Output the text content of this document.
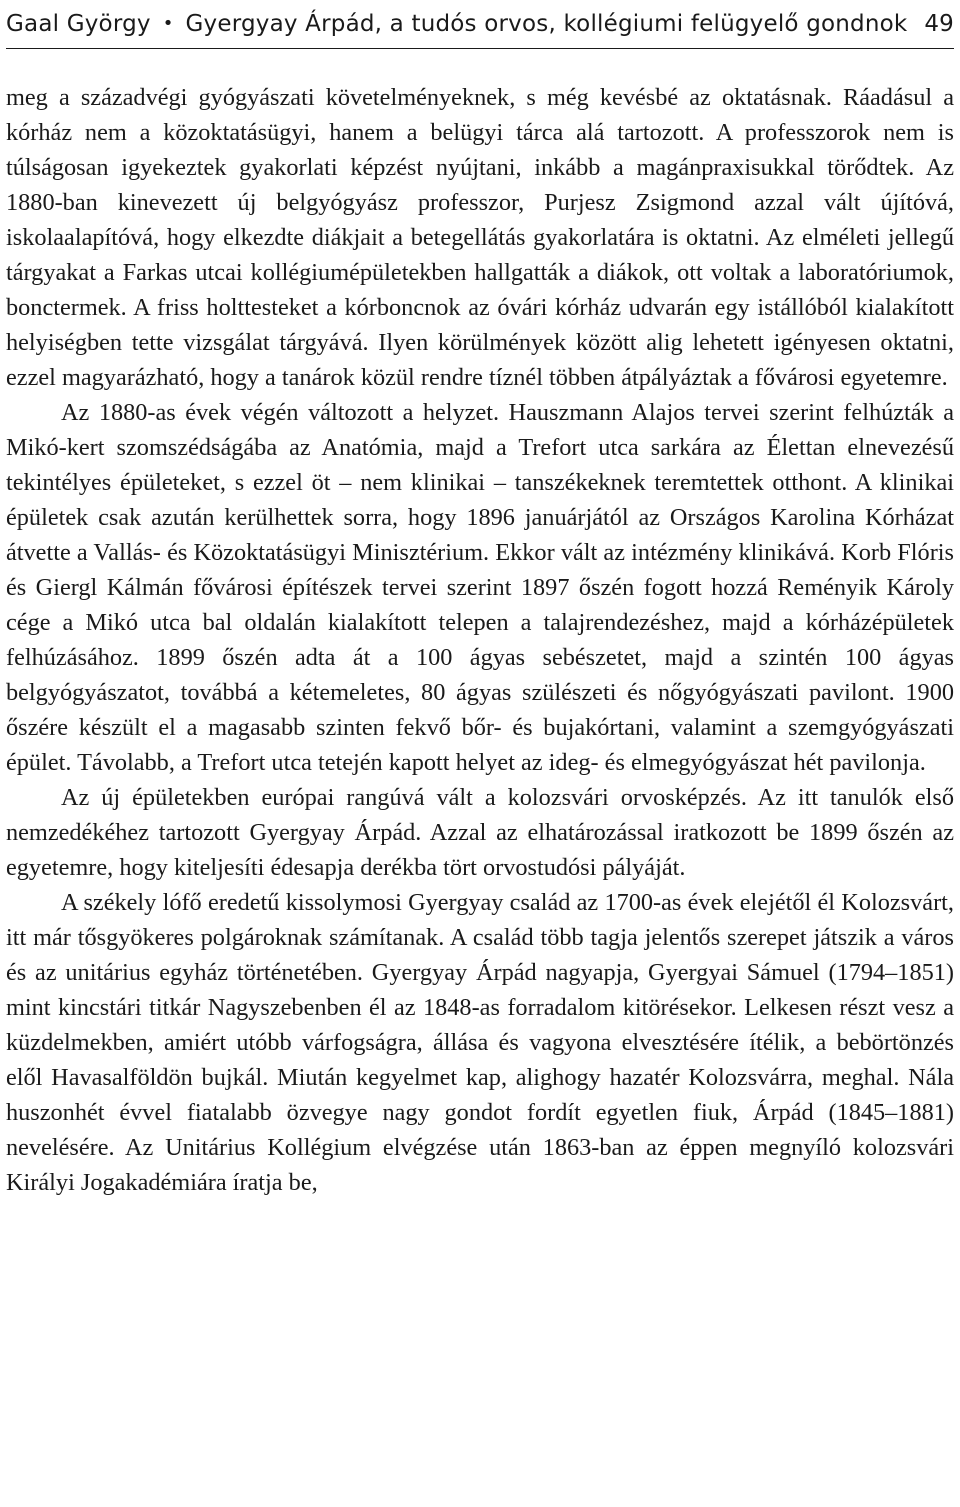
Gaal György • Gyergyay Árpád, a tudós orvos, kollégiumi felügyelő gondnok 49

meg a századvégi gyógyászati követelményeknek, s még kevésbé az oktatásnak. Ráadásul a kórház nem a közoktatásügyi, hanem a belügyi tárca alá tartozott. A professzorok nem is túlságosan igyekeztek gyakorlati képzést nyújtani, inkább a magánpraxisukkal törődtek. Az 1880-ban kinevezett új belgyógyász professzor, Purjesz Zsigmond azzal vált újítóvá, iskolaalapítóvá, hogy elkezdte diákjait a betegellátás gyakorlatára is oktatni. Az elméleti jellegű tárgyakat a Farkas utcai kollégiumépületekben hallgatták a diákok, ott voltak a laboratóriumok, bonctermek. A friss holttesteket a kórboncnok az óvári kórház udvarán egy istállóból kialakított helyiségben tette vizsgálat tárgyává. Ilyen körülmények között alig lehetett igényesen oktatni, ezzel magyarázható, hogy a tanárok közül rendre tíznél többen átpályáztak a fővárosi egyetemre.

Az 1880-as évek végén változott a helyzet. Hauszmann Alajos tervei szerint felhúzták a Mikó-kert szomszédságába az Anatómia, majd a Trefort utca sarkára az Élettan elnevezésű tekintélyes épületeket, s ezzel öt – nem klinikai – tanszékeknek teremtettek otthont. A klinikai épületek csak azután kerülhettek sorra, hogy 1896 januárjától az Országos Karolina Kórházat átvette a Vallás- és Közoktatásügyi Minisztérium. Ekkor vált az intézmény klinikává. Korb Flóris és Giergl Kálmán fővárosi építészek tervei szerint 1897 őszén fogott hozzá Reményik Károly cége a Mikó utca bal oldalán kialakított telepen a talajrendezéshez, majd a kórházépületek felhúzásához. 1899 őszén adta át a 100 ágyas sebészetet, majd a szintén 100 ágyas belgyógyászatot, továbbá a kétemeletes, 80 ágyas szülészeti és nőgyógyászati pavilont. 1900 őszére készült el a magasabb szinten fekvő bőr- és bujakórtani, valamint a szemgyógyászati épület. Távolabb, a Trefort utca tetején kapott helyet az ideg- és elmegyógyászat hét pavilonja.

Az új épületekben európai rangúvá vált a kolozsvári orvosképzés. Az itt tanulók első nemzedékéhez tartozott Gyergyay Árpád. Azzal az elhatározással iratkozott be 1899 őszén az egyetemre, hogy kiteljesíti édesapja derékba tört orvostudósi pályáját.

A székely lófő eredetű kissolymosi Gyergyay család az 1700-as évek elejétől él Kolozsvárt, itt már tősgyökeres polgároknak számítanak. A család több tagja jelentős szerepet játszik a város és az unitárius egyház történetében. Gyergyay Árpád nagyapja, Gyergyai Sámuel (1794–1851) mint kincstári titkár Nagyszebenben él az 1848-as forradalom kitörésekor. Lelkesen részt vesz a küzdelmekben, amiért utóbb várfogságra, állása és vagyona elvesztésére ítélik, a bebörtönzés elől Havasalföldön bujkál. Miután kegyelmet kap, alighogy hazatér Kolozsvárra, meghal. Nála huszonhét évvel fiatalabb özvegye nagy gondot fordít egyetlen fiuk, Árpád (1845–1881) nevelésére. Az Unitárius Kollégium elvégzése után 1863-ban az éppen megnyíló kolozsvári Királyi Jogakadémiára íratja be,
